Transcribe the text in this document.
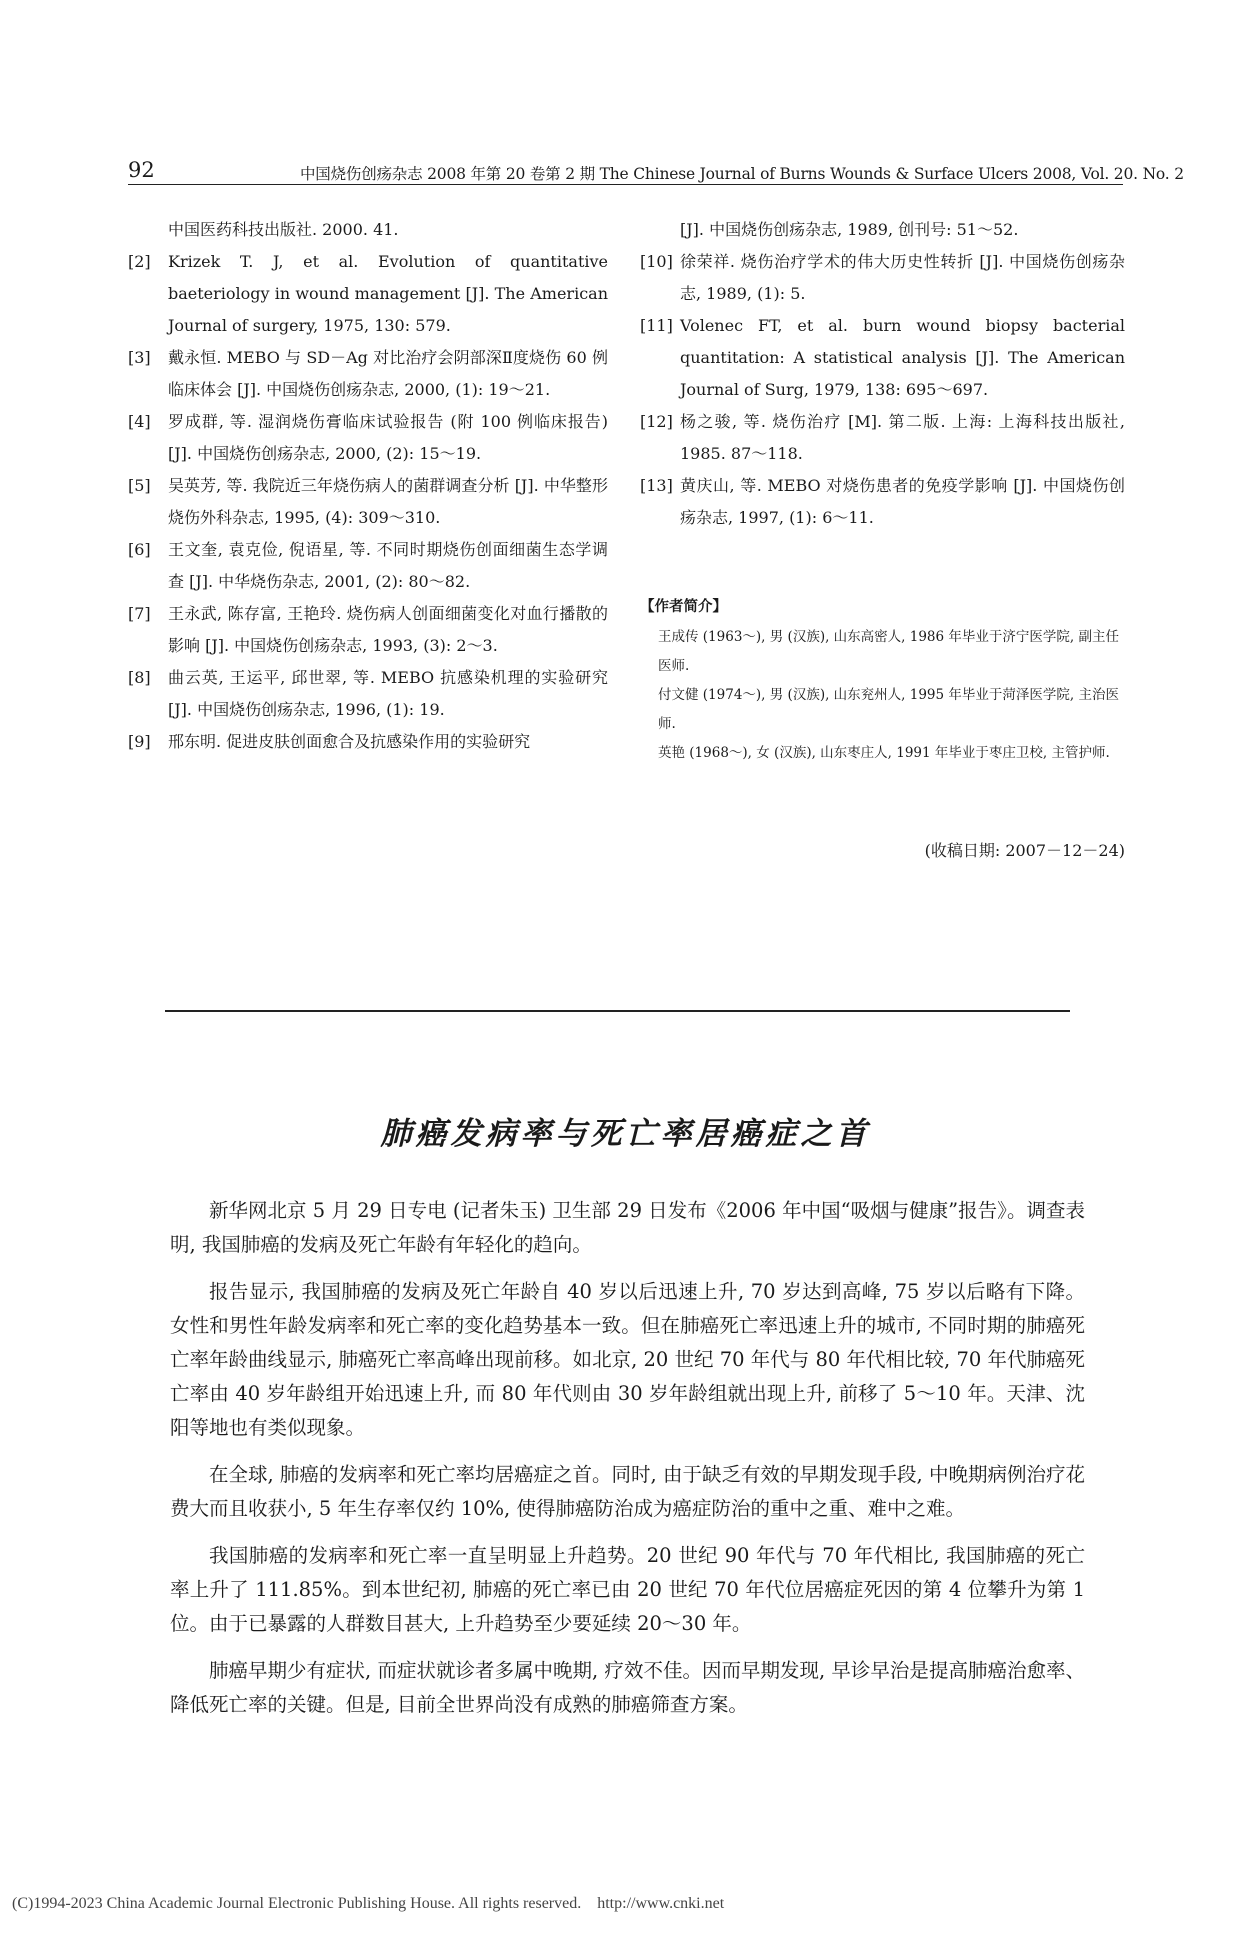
92	中国烧伤创疡杂志 2008 年第 20 卷第 2 期 The Chinese Journal of Burns Wounds & Surface Ulcers 2008, Vol. 20. No. 2
中国医药科技出版社. 2000. 41.
[2]	Krizek T. J, et al. Evolution of quantitative baeteriology in wound management [J]. The American Journal of surgery, 1975, 130: 579.
[3]	戴永恒. MEBO 与 SD－Ag 对比治疗会阴部深Ⅱ度烧伤 60 例临床体会 [J]. 中国烧伤创疡杂志, 2000, (1): 19～21.
[4]	罗成群, 等. 湿润烧伤膏临床试验报告 (附 100 例临床报告) [J]. 中国烧伤创疡杂志, 2000, (2): 15～19.
[5]	吴英芳, 等. 我院近三年烧伤病人的菌群调查分析 [J]. 中华整形烧伤外科杂志, 1995, (4): 309～310.
[6]	王文奎, 袁克俭, 倪语星, 等. 不同时期烧伤创面细菌生态学调查 [J]. 中华烧伤杂志, 2001, (2): 80～82.
[7]	王永武, 陈存富, 王艳玲. 烧伤病人创面细菌变化对血行播散的影响 [J]. 中国烧伤创疡杂志, 1993, (3): 2～3.
[8]	曲云英, 王运平, 邱世翠, 等. MEBO 抗感染机理的实验研究 [J]. 中国烧伤创疡杂志, 1996, (1): 19.
[9]	邢东明. 促进皮肤创面愈合及抗感染作用的实验研究
[J]. 中国烧伤创疡杂志, 1989, 创刊号: 51～52.
[10] 徐荣祥. 烧伤治疗学术的伟大历史性转折 [J]. 中国烧伤创疡杂志, 1989, (1): 5.
[11] Volenec FT, et al. burn wound biopsy bacterial quantitation: A statistical analysis [J]. The American Journal of Surg, 1979, 138: 695～697.
[12] 杨之骏, 等. 烧伤治疗 [M]. 第二版. 上海: 上海科技出版社, 1985. 87～118.
[13] 黄庆山, 等. MEBO 对烧伤患者的免疫学影响 [J]. 中国烧伤创疡杂志, 1997, (1): 6～11.
【作者简介】
王成传 (1963～), 男 (汉族), 山东高密人, 1986 年毕业于济宁医学院, 副主任医师.
付文健 (1974～), 男 (汉族), 山东兖州人, 1995 年毕业于菏泽医学院, 主治医师.
英艳 (1968～), 女 (汉族), 山东枣庄人, 1991 年毕业于枣庄卫校, 主管护师.
(收稿日期: 2007－12－24)
肺癌发病率与死亡率居癌症之首

新华网北京 5 月 29 日专电 (记者朱玉) 卫生部 29 日发布《2006 年中国“吸烟与健康”报告》。调查表明, 我国肺癌的发病及死亡年龄有年轻化的趋向。

报告显示, 我国肺癌的发病及死亡年龄自 40 岁以后迅速上升, 70 岁达到高峰, 75 岁以后略有下降。女性和男性年龄发病率和死亡率的变化趋势基本一致。但在肺癌死亡率迅速上升的城市, 不同时期的肺癌死亡率年龄曲线显示, 肺癌死亡率高峰出现前移。如北京, 20 世纪 70 年代与 80 年代相比较, 70 年代肺癌死亡率由 40 岁年龄组开始迅速上升, 而 80 年代则由 30 岁年龄组就出现上升, 前移了 5～10 年。天津、沈阳等地也有类似现象。

在全球, 肺癌的发病率和死亡率均居癌症之首。同时, 由于缺乏有效的早期发现手段, 中晚期病例治疗花费大而且收获小, 5 年生存率仅约 10%, 使得肺癌防治成为癌症防治的重中之重、难中之难。

我国肺癌的发病率和死亡率一直呈明显上升趋势。20 世纪 90 年代与 70 年代相比, 我国肺癌的死亡率上升了 111.85%。到本世纪初, 肺癌的死亡率已由 20 世纪 70 年代位居癌症死因的第 4 位攀升为第 1 位。由于已暴露的人群数目甚大, 上升趋势至少要延续 20～30 年。

肺癌早期少有症状, 而症状就诊者多属中晚期, 疗效不佳。因而早期发现, 早诊早治是提高肺癌治愈率、降低死亡率的关键。但是, 目前全世界尚没有成熟的肺癌筛查方案。

(C)1994-2023 China Academic Journal Electronic Publishing House. All rights reserved.    http://www.cnki.net
